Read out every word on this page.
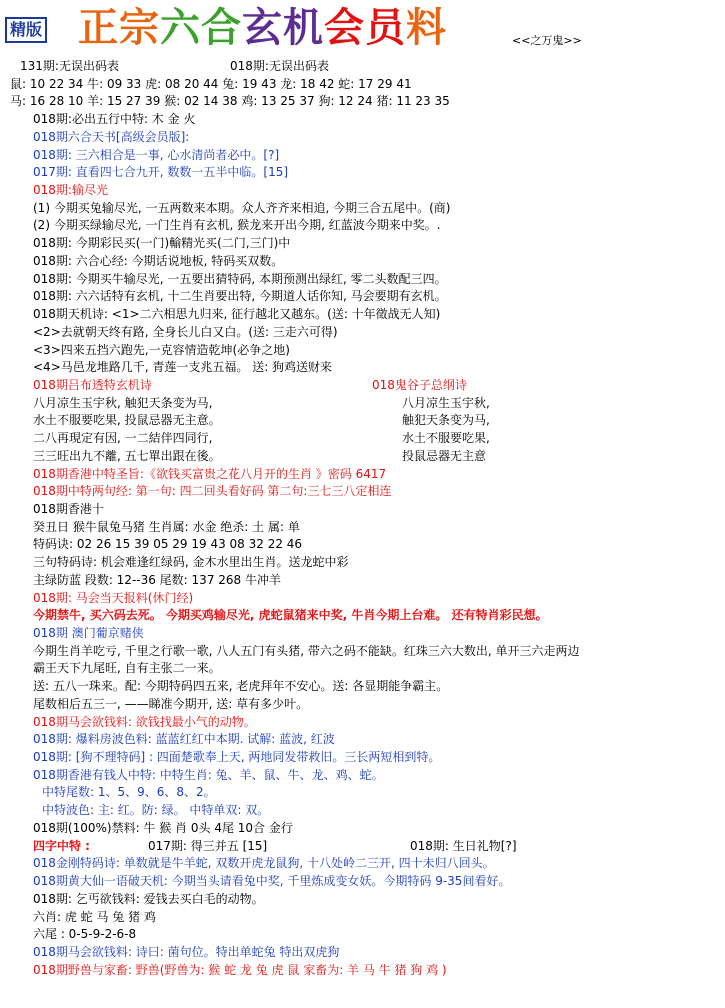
精版 正宗六合玄机会员料	<<之万鬼>>
131期:无误出码表	018期:无误出码表
鼠: 10 22 34 牛: 09 33 虎: 08 20 44 兔: 19 43 龙: 18 42 蛇: 17 29 41
马: 16 28 10 羊: 15 27 39 猴: 02 14 38 鸡: 13 25 37 狗: 12 24 猪: 11 23 35
018期:必出五行中特: 木 金 火
018期六合天书[高级会员版]:
018期: 三六相合是一事, 心水清尚者必中。[?]
017期: 直看四七合九开, 数数一五半中临。[15]
018期:输尽光
(1) 今期买兔输尽光, 一五两数来本期。众人齐齐来相追, 今期三合五尾中。(商)
(2) 今期买绿输尽光, 一门生肖有玄机, 猴龙来开出今期, 红蓝波今期来中奖。.
018期: 今期彩民买(一门)輸精光买(二门,三门)中
018期: 六合心经: 今期话说地板, 特码买双数。
018期: 今期买牛输尽光, 一五要出猜特码, 本期预测出绿红, 零二头数配三四。
018期: 六六话特有玄机, 十二生肖要出特, 今期道人话你知, 马会要期有玄机。
018期天机诗: <1>二六相思九归来, 征行越北又越东。(送: 十年徵战无人知)
<2>去就朝天终有路, 全身长儿白又白。(送: 三走六可得)
<3>四来五挡六跑先,一克容情造乾坤(必争之地)
<4>马邑龙堆路几千, 青莲一支兆五福。 送: 狗鸡送财来
018期吕布透特玄机诗	018鬼谷子总纲诗
八月凉生玉宇秋, 触犯天条变为马,	八月凉生玉宇秋,
水土不服要吃果, 投鼠忌器无主意。	触犯天条变为马,
二八再現定有因, 一二結伴四同行,	水土不服要吃果,
三三旺出九不離, 五七單出跟在後。	投鼠忌器无主意
018期香港中特圣旨:《欲钱买富贵之花八月开的生肖 》密码 6417
018期中特两句经: 第一句: 四二回头看好码 第二句:三七三八定相连
018期香港十
癸丑日 猴牛鼠兔马猪 生肖属: 水金 绝杀: 土 属: 单
特码诀: 02 26 15 39 05 29 19 43 08 32 22 46
三句特码诗: 机会难逢红绿码, 金木水里出生肖。送龙蛇中彩
主绿防蓝 段数: 12--36 尾数: 137 268 牛冲羊
018期: 马会当天报料(休门经)
今期禁牛, 买六码去死。 今期买鸡输尽光, 虎蛇鼠猪来中奖, 牛肖今期上台难。 还有特肖彩民想。
018期 澳门葡京赌侠
今期生肖羊吃亏, 千里之行歌一歌, 八人五门有头猪, 带六之码不能缺。红珠三六大数出, 单开三六走两边
霸王天下九尾旺, 自有主张二一来。
送: 五八一珠来。配: 今期特码四五来, 老虎拜年不安心。送: 各显期能争霸主。
尾数相后五三一, ——睇准今期开, 送: 草有多少叶。
018期马会欲钱料: 欲钱找最小气的动物。
018期: 爆料房波色料: 蓝蓝红红中本期. 试解: 蓝波, 红波
018期: [狗不理特码] : 四面楚歌奉上天, 两地同发带救旧。三长两短相到特。
018期香港有钱人中特: 中特生肖: 兔、羊、鼠、牛、龙、鸡、蛇。
中特尾数: 1、5、9、6、8、2。
中特波色: 主: 红。防: 绿。 中特单双: 双。
018期(100%)禁料: 牛 猴 肖 0头 4尾 10合 金行
四字中特 :	017期: 得三并五 [15]	018期: 生日礼物[?]
018金刚特码诗: 单数就是牛羊蛇, 双数开虎龙鼠狗, 十八处岭二三开, 四十未归八回头。
018期黄大仙一语破天机: 今期当头请看兔中奖, 千里炼成变女妖。今期特码 9-35间看好。
018期: 乞丐欲钱料: 爱钱去买白毛的动物。
六肖: 虎 蛇 马 兔 猪 鸡
六尾 : 0-5-9-2-6-8
018期马会欲钱料: 诗曰: 菌句位。特出单蛇兔 特出双虎狗
018期野兽与家畜: 野兽(野兽为: 猴 蛇 龙 兔 虎 鼠 家畜为: 羊 马 牛 猪 狗 鸡 )
